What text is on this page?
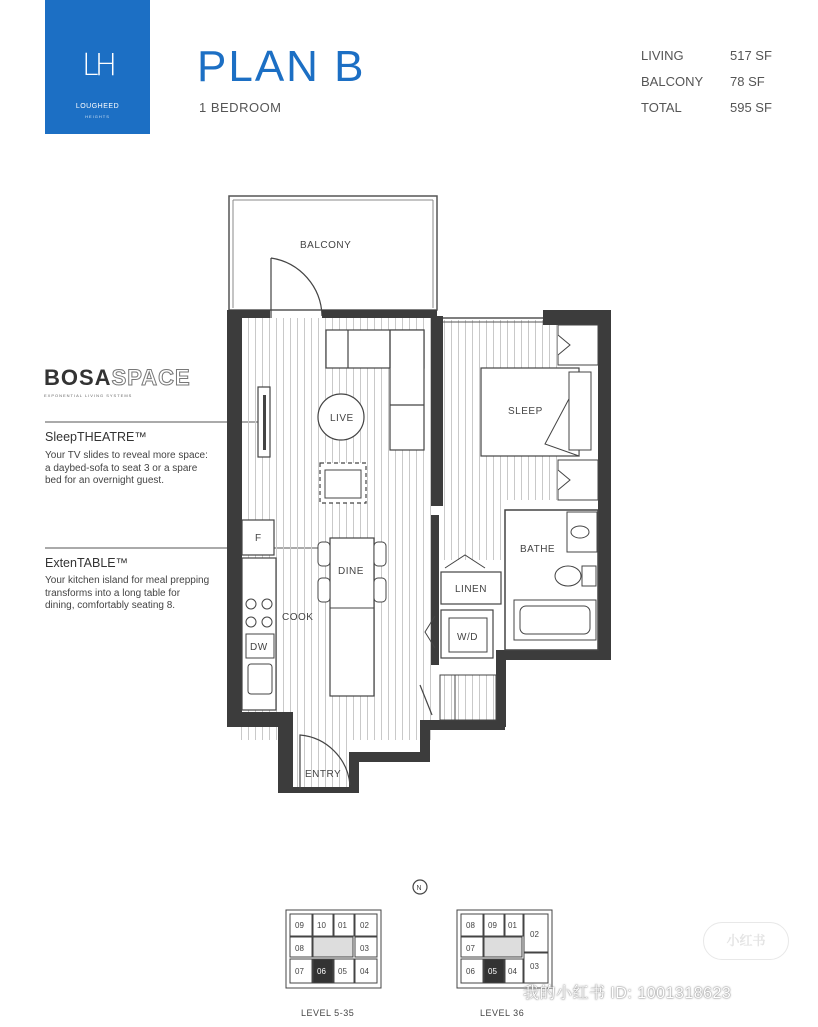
LH
LOUGHEED
HEIGHTS
PLAN B
1 BEDROOM
LIVING	517 SF
BALCONY 78 SF
TOTAL	595 SF
BOSASPACE
EXPONENTIAL LIVING SYSTEMS
SleepTHEATRE™
Your TV slides to reveal more space: a daybed-sofa to seat 3 or a spare bed for an overnight guest.
ExtenTABLE™
Your kitchen island for meal prepping transforms into a long table for dining, comfortably seating 8.
BALCONY
LIVE
F
DW
COOK
DINE
SLEEP
BATHE
LINEN
W/D
ENTRY
N
09 10 01 02
08	03
07 06 05 04
08 09 01
02
07
03
06 05 04
LEVEL 5-35	LEVEL 36
小红书
我的小红书 ID: 1001318623
